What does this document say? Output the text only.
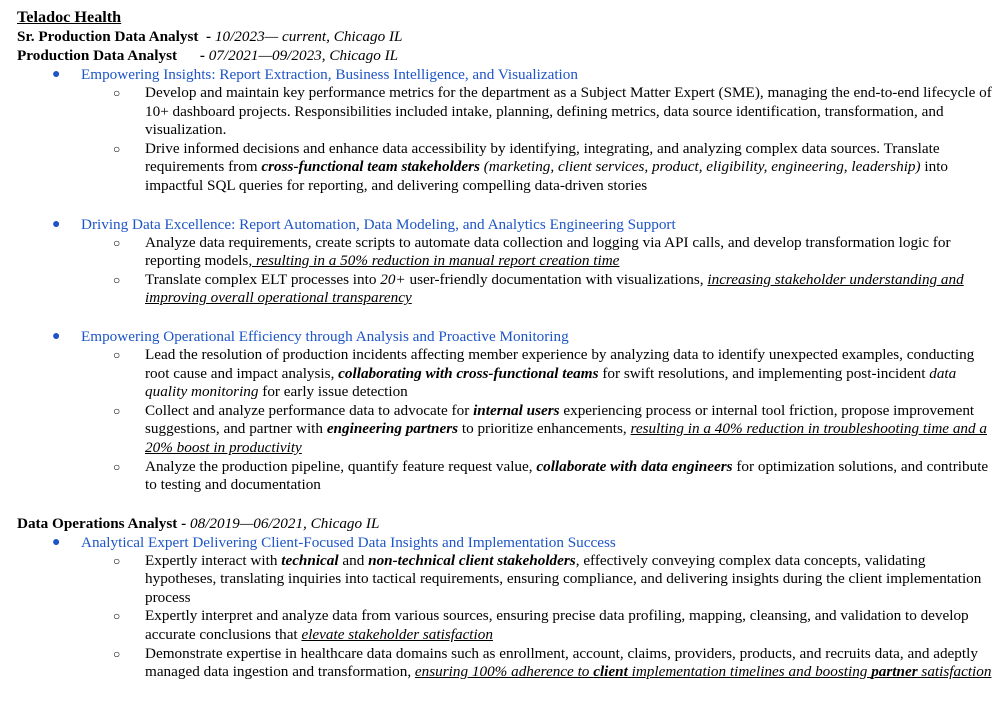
Teladoc Health

Sr. Production Data Analyst - 10/2023— current, Chicago IL

Production Data Analyst - 07/2021—09/2023, Chicago IL

● Empowering Insights: Report Extraction, Business Intelligence, and Visualization
○ Develop and maintain key performance metrics for the department as a Subject Matter Expert (SME), managing the end-to-end lifecycle of 10+ dashboard projects. Responsibilities included intake, planning, defining metrics, data source identification, transformation, and visualization.
○ Drive informed decisions and enhance data accessibility by identifying, integrating, and analyzing complex data sources. Translate requirements from cross-functional team stakeholders (marketing, client services, product, eligibility, engineering, leadership) into impactful SQL queries for reporting, and delivering compelling data-driven stories
● Driving Data Excellence: Report Automation, Data Modeling, and Analytics Engineering Support
○ Analyze data requirements, create scripts to automate data collection and logging via API calls, and develop transformation logic for reporting models, resulting in a 50% reduction in manual report creation time
○ Translate complex ELT processes into 20+ user-friendly documentation with visualizations, increasing stakeholder understanding and improving overall operational transparency
● Empowering Operational Efficiency through Analysis and Proactive Monitoring
○ Lead the resolution of production incidents affecting member experience by analyzing data to identify unexpected examples, conducting root cause and impact analysis, collaborating with cross-functional teams for swift resolutions, and implementing post-incident data quality monitoring for early issue detection
○ Collect and analyze performance data to advocate for internal users experiencing process or internal tool friction, propose improvement suggestions, and partner with engineering partners to prioritize enhancements, resulting in a 40% reduction in troubleshooting time and a 20% boost in productivity
○ Analyze the production pipeline, quantify feature request value, collaborate with data engineers for optimization solutions, and contribute to testing and documentation

Data Operations Analyst - 08/2019—06/2021, Chicago IL

● Analytical Expert Delivering Client-Focused Data Insights and Implementation Success
○ Expertly interact with technical and non-technical client stakeholders, effectively conveying complex data concepts, validating hypotheses, translating inquiries into tactical requirements, ensuring compliance, and delivering insights during the client implementation process
○ Expertly interpret and analyze data from various sources, ensuring precise data profiling, mapping, cleansing, and validation to develop accurate conclusions that elevate stakeholder satisfaction
○ Demonstrate expertise in healthcare data domains such as enrollment, account, claims, providers, products, and recruits data, and adeptly managed data ingestion and transformation, ensuring 100% adherence to client implementation timelines and boosting partner satisfaction
